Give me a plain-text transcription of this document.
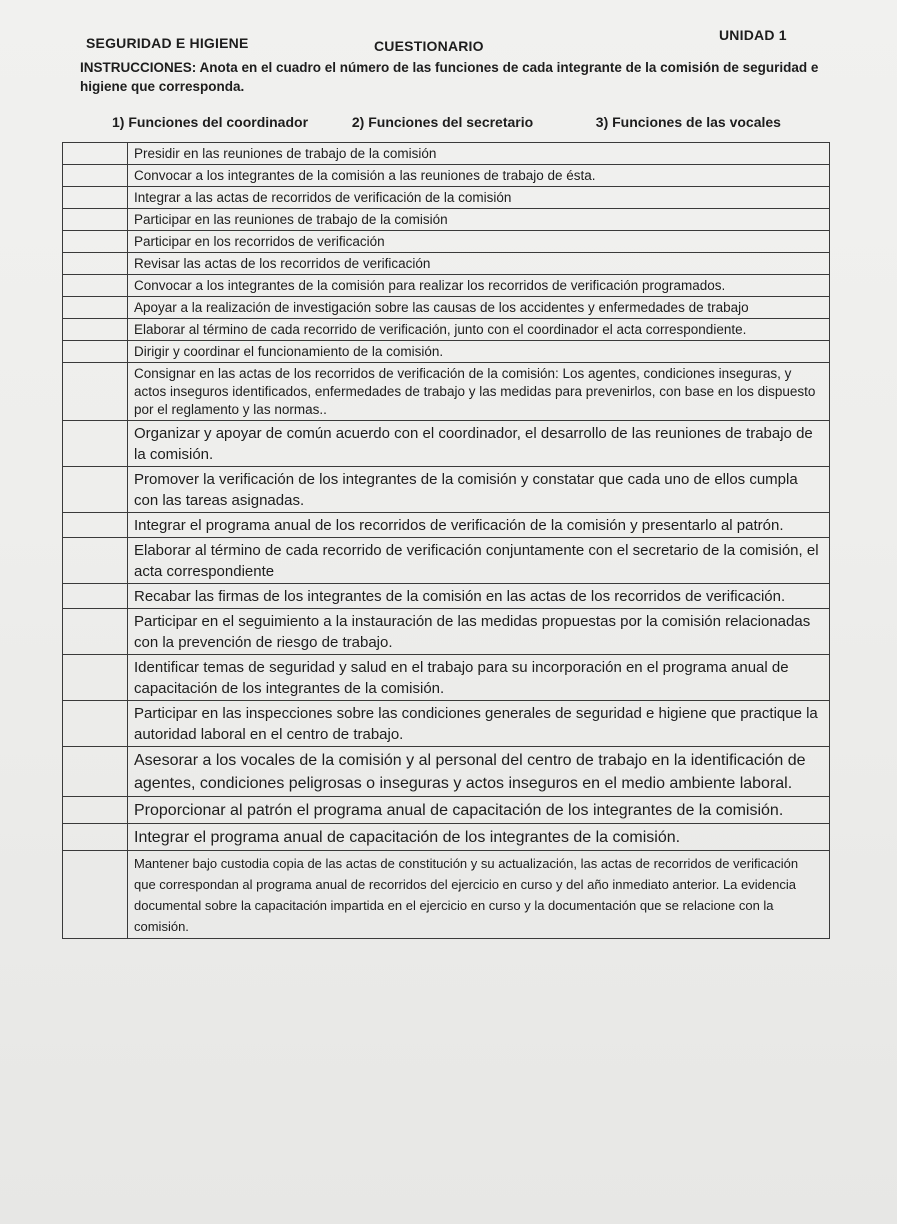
SEGURIDAD E HIGIENE	CUESTIONARIO
UNIDAD 1
INSTRUCCIONES: Anota en el cuadro el número de las funciones de cada integrante de la comisión de seguridad e higiene que corresponda.
1) Funciones del coordinador	2) Funciones del secretario	3) Funciones de las vocales
Presidir en las reuniones de trabajo de la comisión
Convocar a los integrantes de la comisión a las reuniones de trabajo de ésta.
Integrar a las actas de recorridos de verificación de la comisión
Participar en las reuniones de trabajo de la comisión
Participar en los recorridos de verificación
Revisar las actas de los recorridos de verificación
Convocar a los integrantes de la comisión para realizar los recorridos de verificación programados.
Apoyar a la realización de investigación sobre las causas de los accidentes y enfermedades de trabajo
Elaborar al término de cada recorrido de verificación, junto con el coordinador el acta correspondiente.
Dirigir y coordinar el funcionamiento de la comisión.
Consignar en las actas de los recorridos de verificación de la comisión: Los agentes, condiciones inseguras, y actos inseguros identificados, enfermedades de trabajo y las medidas para prevenirlos, con base en los dispuesto por el reglamento y las normas..
Organizar y apoyar de común acuerdo con el coordinador, el desarrollo de las reuniones de trabajo de la comisión.
Promover la verificación de los integrantes de la comisión y constatar que cada uno de ellos cumpla con las tareas asignadas.
Integrar el programa anual de los recorridos de verificación de la comisión y presentarlo al patrón.
Elaborar al término de cada recorrido de verificación conjuntamente con el secretario de la comisión, el acta correspondiente
Recabar las firmas de los integrantes de la comisión en las actas de los recorridos de verificación.
Participar en el seguimiento a la instauración de las medidas propuestas por la comisión relacionadas con la prevención de riesgo de trabajo.
Identificar temas de seguridad y salud en el trabajo para su incorporación en el programa anual de capacitación de los integrantes de la comisión.
Participar en las inspecciones sobre las condiciones generales de seguridad e higiene que practique la autoridad laboral en el centro de trabajo.
Asesorar a los vocales de la comisión y al personal del centro de trabajo en la identificación de agentes, condiciones peligrosas o inseguras y actos inseguros en el medio ambiente laboral.
Proporcionar al patrón el programa anual de capacitación de los integrantes de la comisión.
Integrar el programa anual de capacitación de los integrantes de la comisión.
Mantener bajo custodia copia de las actas de constitución y su actualización, las actas de recorridos de verificación que correspondan al programa anual de recorridos del ejercicio en curso y del año inmediato anterior. La evidencia documental sobre la capacitación impartida en el ejercicio en curso y la documentación que se relacione con la comisión.
